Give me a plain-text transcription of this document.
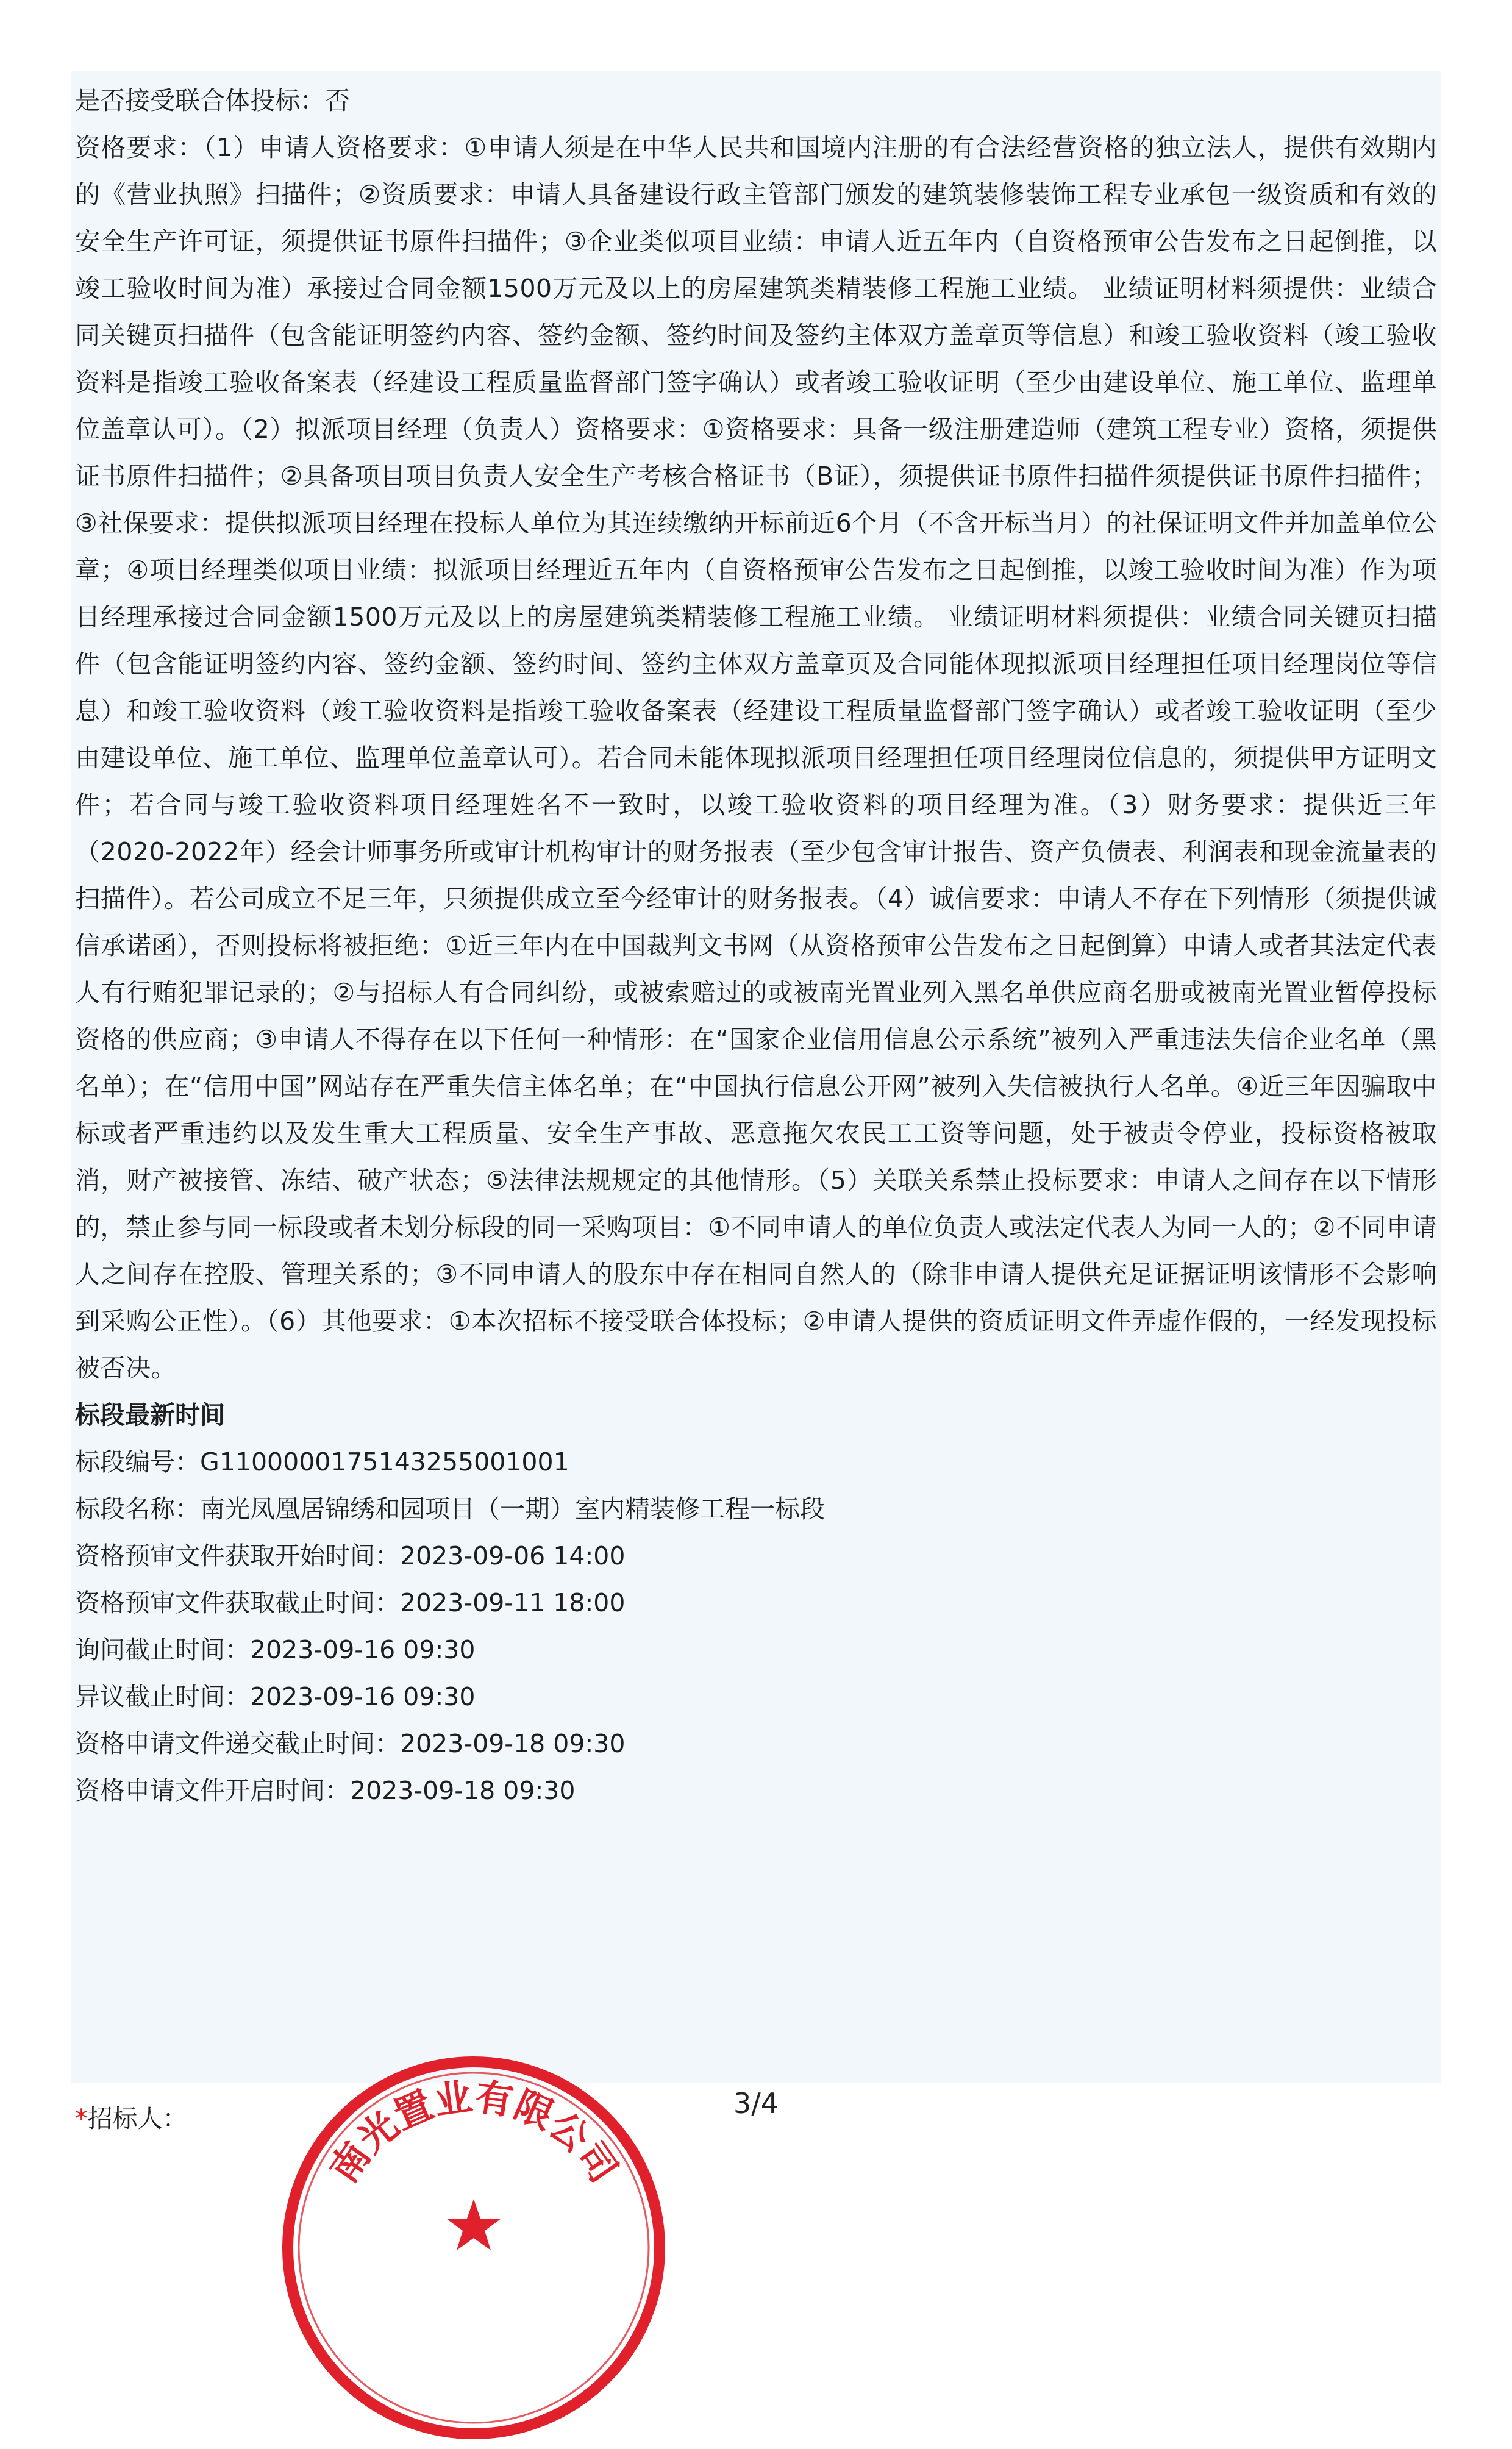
是否接受联合体投标：否

资格要求：（1）申请人资格要求：①申请人须是在中华人民共和国境内注册的有合法经营资格的独立法人，提供有效期内的《营业执照》扫描件；②资质要求：申请人具备建设行政主管部门颁发的建筑装修装饰工程专业承包一级资质和有效的安全生产许可证，须提供证书原件扫描件；③企业类似项目业绩：申请人近五年内（自资格预审公告发布之日起倒推，以竣工验收时间为准）承接过合同金额1500万元及以上的房屋建筑类精装修工程施工业绩。 业绩证明材料须提供：业绩合同关键页扫描件（包含能证明签约内容、签约金额、签约时间及签约主体双方盖章页等信息）和竣工验收资料（竣工验收资料是指竣工验收备案表（经建设工程质量监督部门签字确认）或者竣工验收证明（至少由建设单位、施工单位、监理单位盖章认可）。（2）拟派项目经理（负责人）资格要求：①资格要求：具备一级注册建造师（建筑工程专业）资格，须提供证书原件扫描件；②具备项目项目负责人安全生产考核合格证书（B证），须提供证书原件扫描件须提供证书原件扫描件；③社保要求：提供拟派项目经理在投标人单位为其连续缴纳开标前近6个月（不含开标当月）的社保证明文件并加盖单位公章；④项目经理类似项目业绩：拟派项目经理近五年内（自资格预审公告发布之日起倒推，以竣工验收时间为准）作为项目经理承接过合同金额1500万元及以上的房屋建筑类精装修工程施工业绩。 业绩证明材料须提供：业绩合同关键页扫描件（包含能证明签约内容、签约金额、签约时间、签约主体双方盖章页及合同能体现拟派项目经理担任项目经理岗位等信息）和竣工验收资料（竣工验收资料是指竣工验收备案表（经建设工程质量监督部门签字确认）或者竣工验收证明（至少由建设单位、施工单位、监理单位盖章认可）。若合同未能体现拟派项目经理担任项目经理岗位信息的，须提供甲方证明文件；若合同与竣工验收资料项目经理姓名不一致时，以竣工验收资料的项目经理为准。（3）财务要求：提供近三年（2020-2022年）经会计师事务所或审计机构审计的财务报表（至少包含审计报告、资产负债表、利润表和现金流量表的扫描件）。若公司成立不足三年，只须提供成立至今经审计的财务报表。（4）诚信要求：申请人不存在下列情形（须提供诚信承诺函），否则投标将被拒绝：①近三年内在中国裁判文书网（从资格预审公告发布之日起倒算）申请人或者其法定代表人有行贿犯罪记录的；②与招标人有合同纠纷，或被索赔过的或被南光置业列入黑名单供应商名册或被南光置业暂停投标资格的供应商；③申请人不得存在以下任何一种情形：在“国家企业信用信息公示系统”被列入严重违法失信企业名单（黑名单）；在“信用中国”网站存在严重失信主体名单；在“中国执行信息公开网”被列入失信被执行人名单。④近三年因骗取中标或者严重违约以及发生重大工程质量、安全生产事故、恶意拖欠农民工工资等问题，处于被责令停业，投标资格被取消，财产被接管、冻结、破产状态；⑤法律法规规定的其他情形。（5）关联关系禁止投标要求：申请人之间存在以下情形的，禁止参与同一标段或者未划分标段的同一采购项目：①不同申请人的单位负责人或法定代表人为同一人的；②不同申请人之间存在控股、管理关系的；③不同申请人的股东中存在相同自然人的（除非申请人提供充足证据证明该情形不会影响到采购公正性）。（6）其他要求：①本次招标不接受联合体投标；②申请人提供的资质证明文件弄虚作假的，一经发现投标被否决。

标段最新时间

标段编号：G1100000175143255001001

标段名称：南光凤凰居锦绣和园项目（一期）室内精装修工程一标段

资格预审文件获取开始时间：2023-09-06 14:00

资格预审文件获取截止时间：2023-09-11 18:00

询问截止时间：2023-09-16 09:30

异议截止时间：2023-09-16 09:30

资格申请文件递交截止时间：2023-09-18 09:30

资格申请文件开启时间：2023-09-18 09:30

*招标人：
南光置业有限公司
3/4
